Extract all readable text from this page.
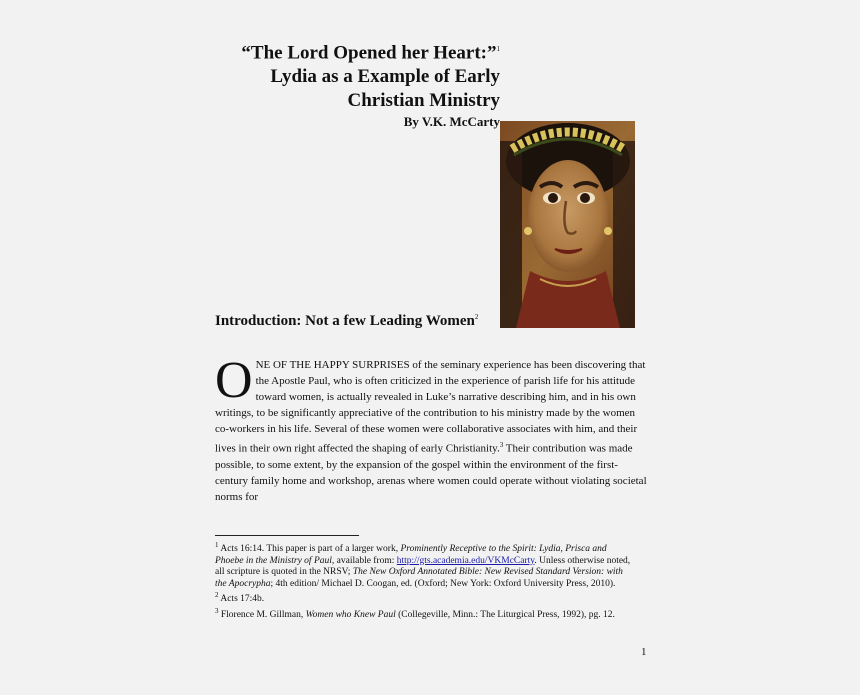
“The Lord Opened her Heart:”$^1$
Lydia as a Example of Early
Christian Ministry
By V.K. McCarty
Introduction: Not a few Leading Women$^2$
O NE OF THE HAPPY SURPRISES of the seminary experience has been discovering that the Apostle Paul, who is often criticized in the experience of parish life for his attitude toward women, is actually revealed in Luke’s narrative describing him, and in his own writings, to be significantly appreciative of the contribution to his ministry made by the women co-workers in his life. Several of these women were collaborative associates with him, and their lives in their own right affected the shaping of early Christianity.$^3$ Their contribution was made possible, to some extent, by the expansion of the gospel within the environment of the first-century family home and workshop, arenas where women could operate without violating societal norms for

$^1$ Acts 16:14. This paper is part of a larger work, Prominently Receptive to the Spirit: Lydia, Prisca and Phoebe in the Ministry of Paul, available from: http://gts.academia.edu/VKMcCarty. Unless otherwise noted, all scripture is quoted in the NRSV; The New Oxford Annotated Bible: New Revised Standard Version: with the Apocrypha; 4th edition/ Michael D. Coogan, ed. (Oxford; New York: Oxford University Press, 2010).

$^2$ Acts 17:4b.

$^3$ Florence M. Gillman, Women who Knew Paul (Collegeville, Minn.: The Liturgical Press, 1992), pg. 12.

1
